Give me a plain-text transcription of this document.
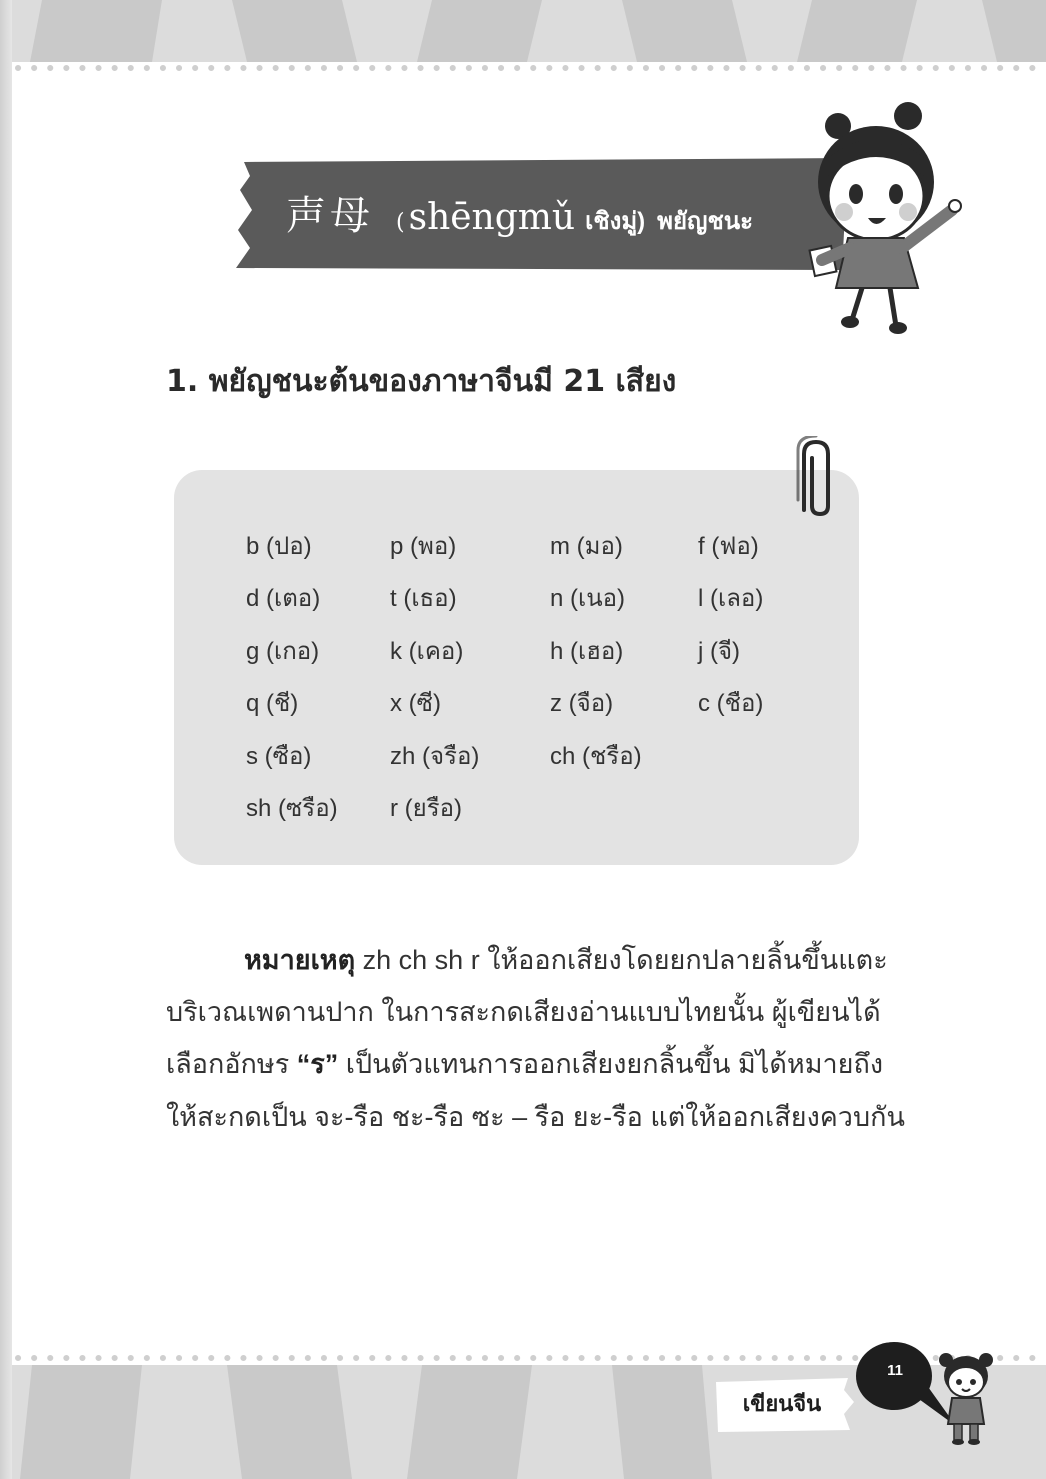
声母 ( shēngmǔ เชิงมู่) พยัญชนะ
1. พยัญชนะต้นของภาษาจีนมี 21 เสียง
b (ปอ)	p (พอ)	m (มอ)	f (ฟอ)
d (เตอ)	t (เธอ)	n (เนอ)	l (เลอ)
g (เกอ)	k (เคอ)	h (เฮอ)	j (จี)
q (ชี)	x (ซี)	z (จือ)	c (ชือ)
s (ซือ)	zh (จรือ)	ch (ชรือ)
sh (ซรือ) r (ยรือ)
หมายเหตุ zh ch sh r ให้ออกเสียงโดยยกปลายลิ้นขึ้นแตะ
บริเวณเพดานปาก ในการสะกดเสียงอ่านแบบไทยนั้น ผู้เขียนได้
เลือกอักษร “ร” เป็นตัวแทนการออกเสียงยกลิ้นขึ้น มิได้หมายถึง
ให้สะกดเป็น จะ-รือ ชะ-รือ ซะ – รือ ยะ-รือ แต่ให้ออกเสียงควบกัน
เขียนจีน
11
